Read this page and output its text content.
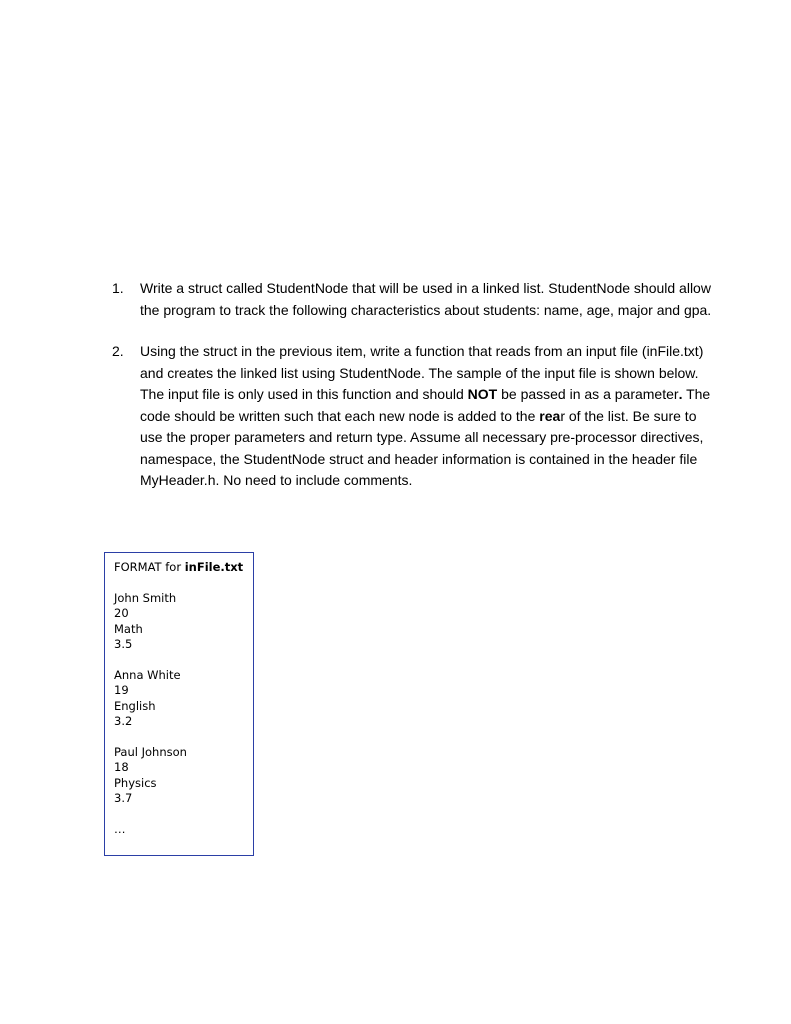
1.	Write a struct called StudentNode that will be used in a linked list. StudentNode should allow the program to track the following characteristics about students: name, age, major and gpa.
2.	Using the struct in the previous item, write a function that reads from an input file (inFile.txt) and creates the linked list using StudentNode. The sample of the input file is shown below. The input file is only used in this function and should NOT be passed in as a parameter. The code should be written such that each new node is added to the rear of the list. Be sure to use the proper parameters and return type. Assume all necessary pre-processor directives, namespace, the StudentNode struct and header information is contained in the header file MyHeader.h. No need to include comments.
FORMAT for inFile.txt
John Smith
20
Math
3.5
Anna White
19
English
3.2
Paul Johnson
18
Physics
3.7
…
